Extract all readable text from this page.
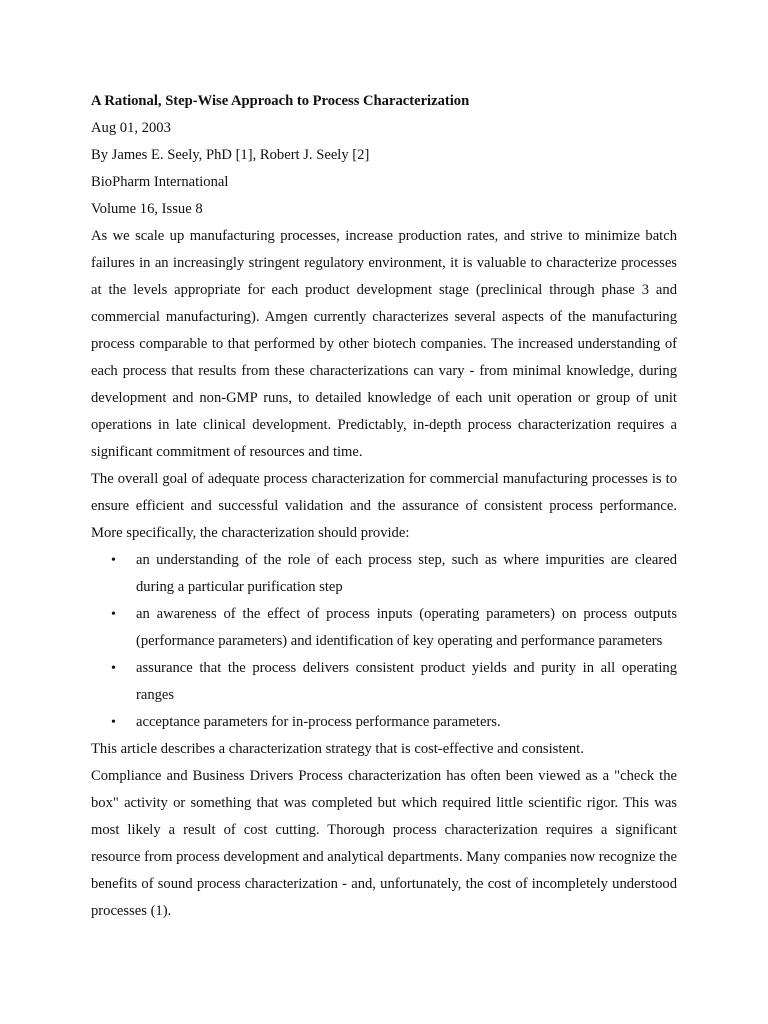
A Rational, Step-Wise Approach to Process Characterization

Aug 01, 2003

By James E. Seely, PhD [1], Robert J. Seely [2]

BioPharm International

Volume 16, Issue 8

As we scale up manufacturing processes, increase production rates, and strive to minimize batch failures in an increasingly stringent regulatory environment, it is valuable to characterize processes at the levels appropriate for each product development stage (preclinical through phase 3 and commercial manufacturing). Amgen currently characterizes several aspects of the manufacturing process comparable to that performed by other biotech companies. The increased understanding of each process that results from these characterizations can vary - from minimal knowledge, during development and non-GMP runs, to detailed knowledge of each unit operation or group of unit operations in late clinical development. Predictably, in-depth process characterization requires a significant commitment of resources and time.

The overall goal of adequate process characterization for commercial manufacturing processes is to ensure efficient and successful validation and the assurance of consistent process performance. More specifically, the characterization should provide:

• an understanding of the role of each process step, such as where impurities are cleared during a particular purification step
• an awareness of the effect of process inputs (operating parameters) on process outputs (performance parameters) and identification of key operating and performance parameters
• assurance that the process delivers consistent product yields and purity in all operating ranges
• acceptance parameters for in-process performance parameters.

This article describes a characterization strategy that is cost-effective and consistent.

Compliance and Business Drivers Process characterization has often been viewed as a "check the box" activity or something that was completed but which required little scientific rigor. This was most likely a result of cost cutting. Thorough process characterization requires a significant resource from process development and analytical departments. Many companies now recognize the benefits of sound process characterization - and, unfortunately, the cost of incompletely understood processes (1).
